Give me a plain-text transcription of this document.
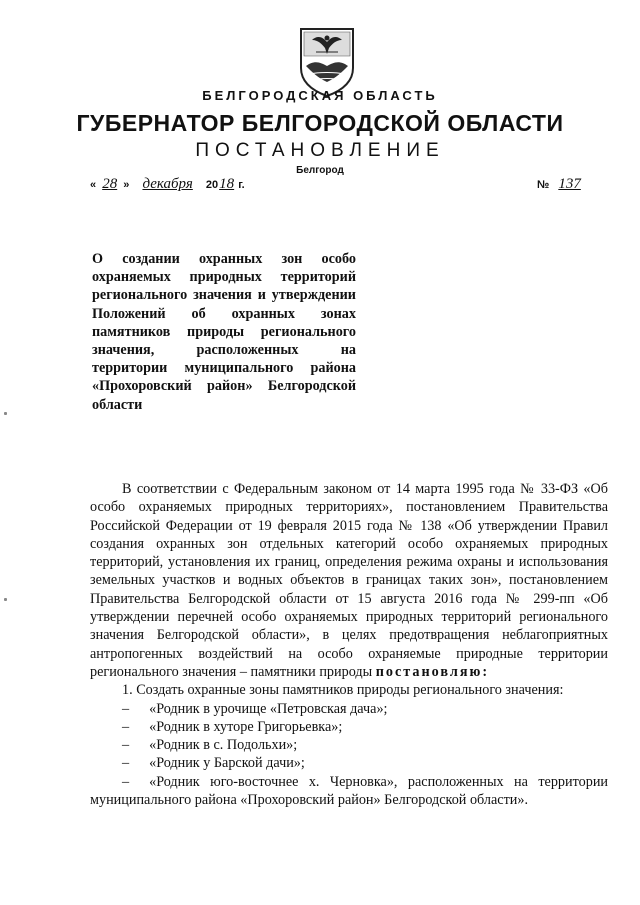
БЕЛГОРОДСКАЯ ОБЛАСТЬ
ГУБЕРНАТОР БЕЛГОРОДСКОЙ ОБЛАСТИ
ПОСТАНОВЛЕНИЕ
Белгород
« 28 » декабря 2018 г.	№ 137
О создании охранных зон особо охраняемых природных территорий регионального значения и утверждении Положений об охранных зонах памятников природы регионального значения, расположенных на территории муниципального района «Прохоровский район» Белгородской области

В соответствии с Федеральным законом от 14 марта 1995 года № 33-ФЗ «Об особо охраняемых природных территориях», постановлением Правительства Российской Федерации от 19 февраля 2015 года № 138 «Об утверждении Правил создания охранных зон отдельных категорий особо охраняемых природных территорий, установления их границ, определения режима охраны и использования земельных участков и водных объектов в границах таких зон», постановлением Правительства Белгородской области от 15 августа 2016 года № 299-пп «Об утверждении перечней особо охраняемых природных территорий регионального значения Белгородской области», в целях предотвращения неблагоприятных антропогенных воздействий на особо охраняемые природные территории регионального значения – памятники природы постановляю:

1. Создать охранные зоны памятников природы регионального значения:

– «Родник в урочище «Петровская дача»;

– «Родник в хуторе Григорьевка»;

– «Родник в с. Подольхи»;

– «Родник у Барской дачи»;

– «Родник юго-восточнее х. Черновка», расположенных на территории муниципального района «Прохоровский район» Белгородской области».
